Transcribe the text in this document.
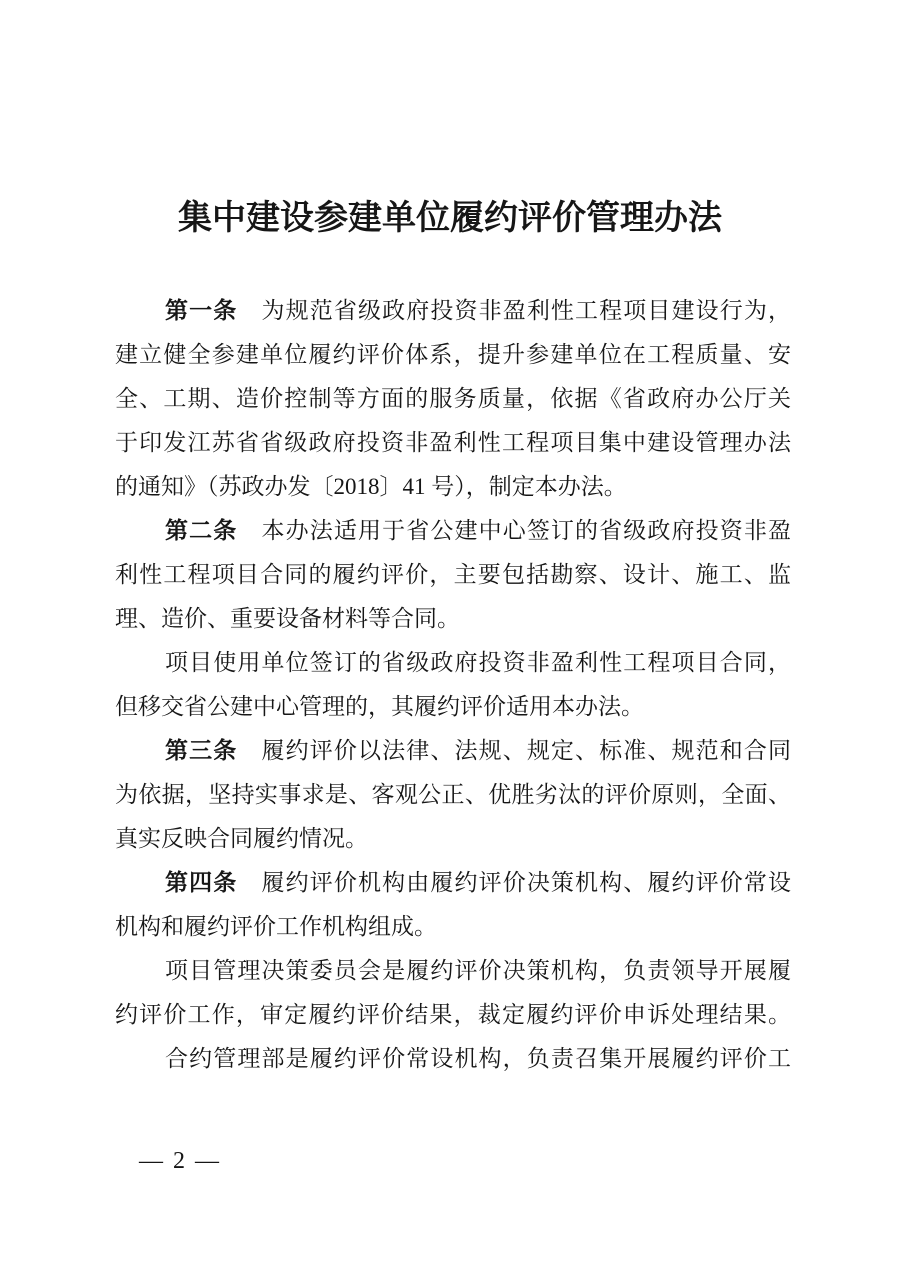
集中建设参建单位履约评价管理办法
第一条　为规范省级政府投资非盈利性工程项目建设行为，
建立健全参建单位履约评价体系，提升参建单位在工程质量、安
全、工期、造价控制等方面的服务质量，依据《省政府办公厅关
于印发江苏省省级政府投资非盈利性工程项目集中建设管理办法
的通知》（苏政办发〔2018〕41 号），制定本办法。
第二条　本办法适用于省公建中心签订的省级政府投资非盈
利性工程项目合同的履约评价，主要包括勘察、设计、施工、监
理、造价、重要设备材料等合同。
项目使用单位签订的省级政府投资非盈利性工程项目合同，
但移交省公建中心管理的，其履约评价适用本办法。
第三条　履约评价以法律、法规、规定、标准、规范和合同
为依据，坚持实事求是、客观公正、优胜劣汰的评价原则，全面、
真实反映合同履约情况。
第四条　履约评价机构由履约评价决策机构、履约评价常设
机构和履约评价工作机构组成。
项目管理决策委员会是履约评价决策机构，负责领导开展履
约评价工作，审定履约评价结果，裁定履约评价申诉处理结果。
合约管理部是履约评价常设机构，负责召集开展履约评价工
— 2 —
